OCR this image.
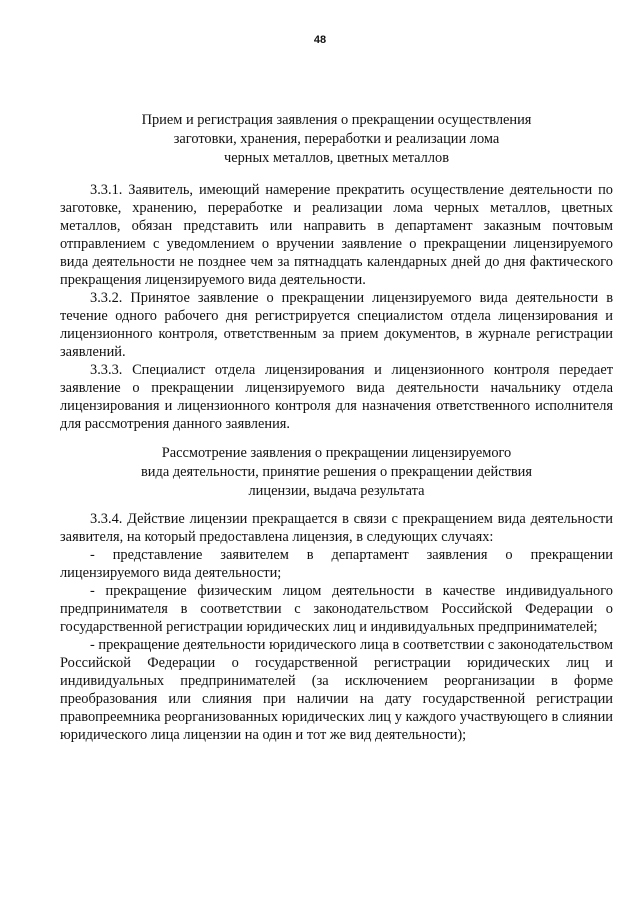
48
Прием и регистрация заявления о прекращении осуществления
заготовки, хранения, переработки и реализации лома
черных металлов, цветных металлов

3.3.1. Заявитель, имеющий намерение прекратить осуществление деятельности по заготовке, хранению, переработке и реализации лома черных металлов, цветных металлов, обязан представить или направить в департамент заказным почтовым отправлением с уведомлением о вручении заявление о прекращении лицензируемого вида деятельности не позднее чем за пятнадцать календарных дней до дня фактического прекращения лицензируемого вида деятельности.

3.3.2. Принятое заявление о прекращении лицензируемого вида деятельности в течение одного рабочего дня регистрируется специалистом отдела лицензирования и лицензионного контроля, ответственным за прием документов, в журнале регистрации заявлений.

3.3.3. Специалист отдела лицензирования и лицензионного контроля передает заявление о прекращении лицензируемого вида деятельности начальнику отдела лицензирования и лицензионного контроля для назначения ответственного исполнителя для рассмотрения данного заявления.

Рассмотрение заявления о прекращении лицензируемого
вида деятельности, принятие решения о прекращении действия
лицензии, выдача результата

3.3.4. Действие лицензии прекращается в связи с прекращением вида деятельности заявителя, на который предоставлена лицензия, в следующих случаях:

- представление заявителем в департамент заявления о прекращении лицензируемого вида деятельности;

- прекращение физическим лицом деятельности в качестве индивидуального предпринимателя в соответствии с законодательством Российской Федерации о государственной регистрации юридических лиц и индивидуальных предпринимателей;

- прекращение деятельности юридического лица в соответствии с законодательством Российской Федерации о государственной регистрации юридических лиц и индивидуальных предпринимателей (за исключением реорганизации в форме преобразования или слияния при наличии на дату государственной регистрации правопреемника реорганизованных юридических лиц у каждого участвующего в слиянии юридического лица лицензии на один и тот же вид деятельности);
